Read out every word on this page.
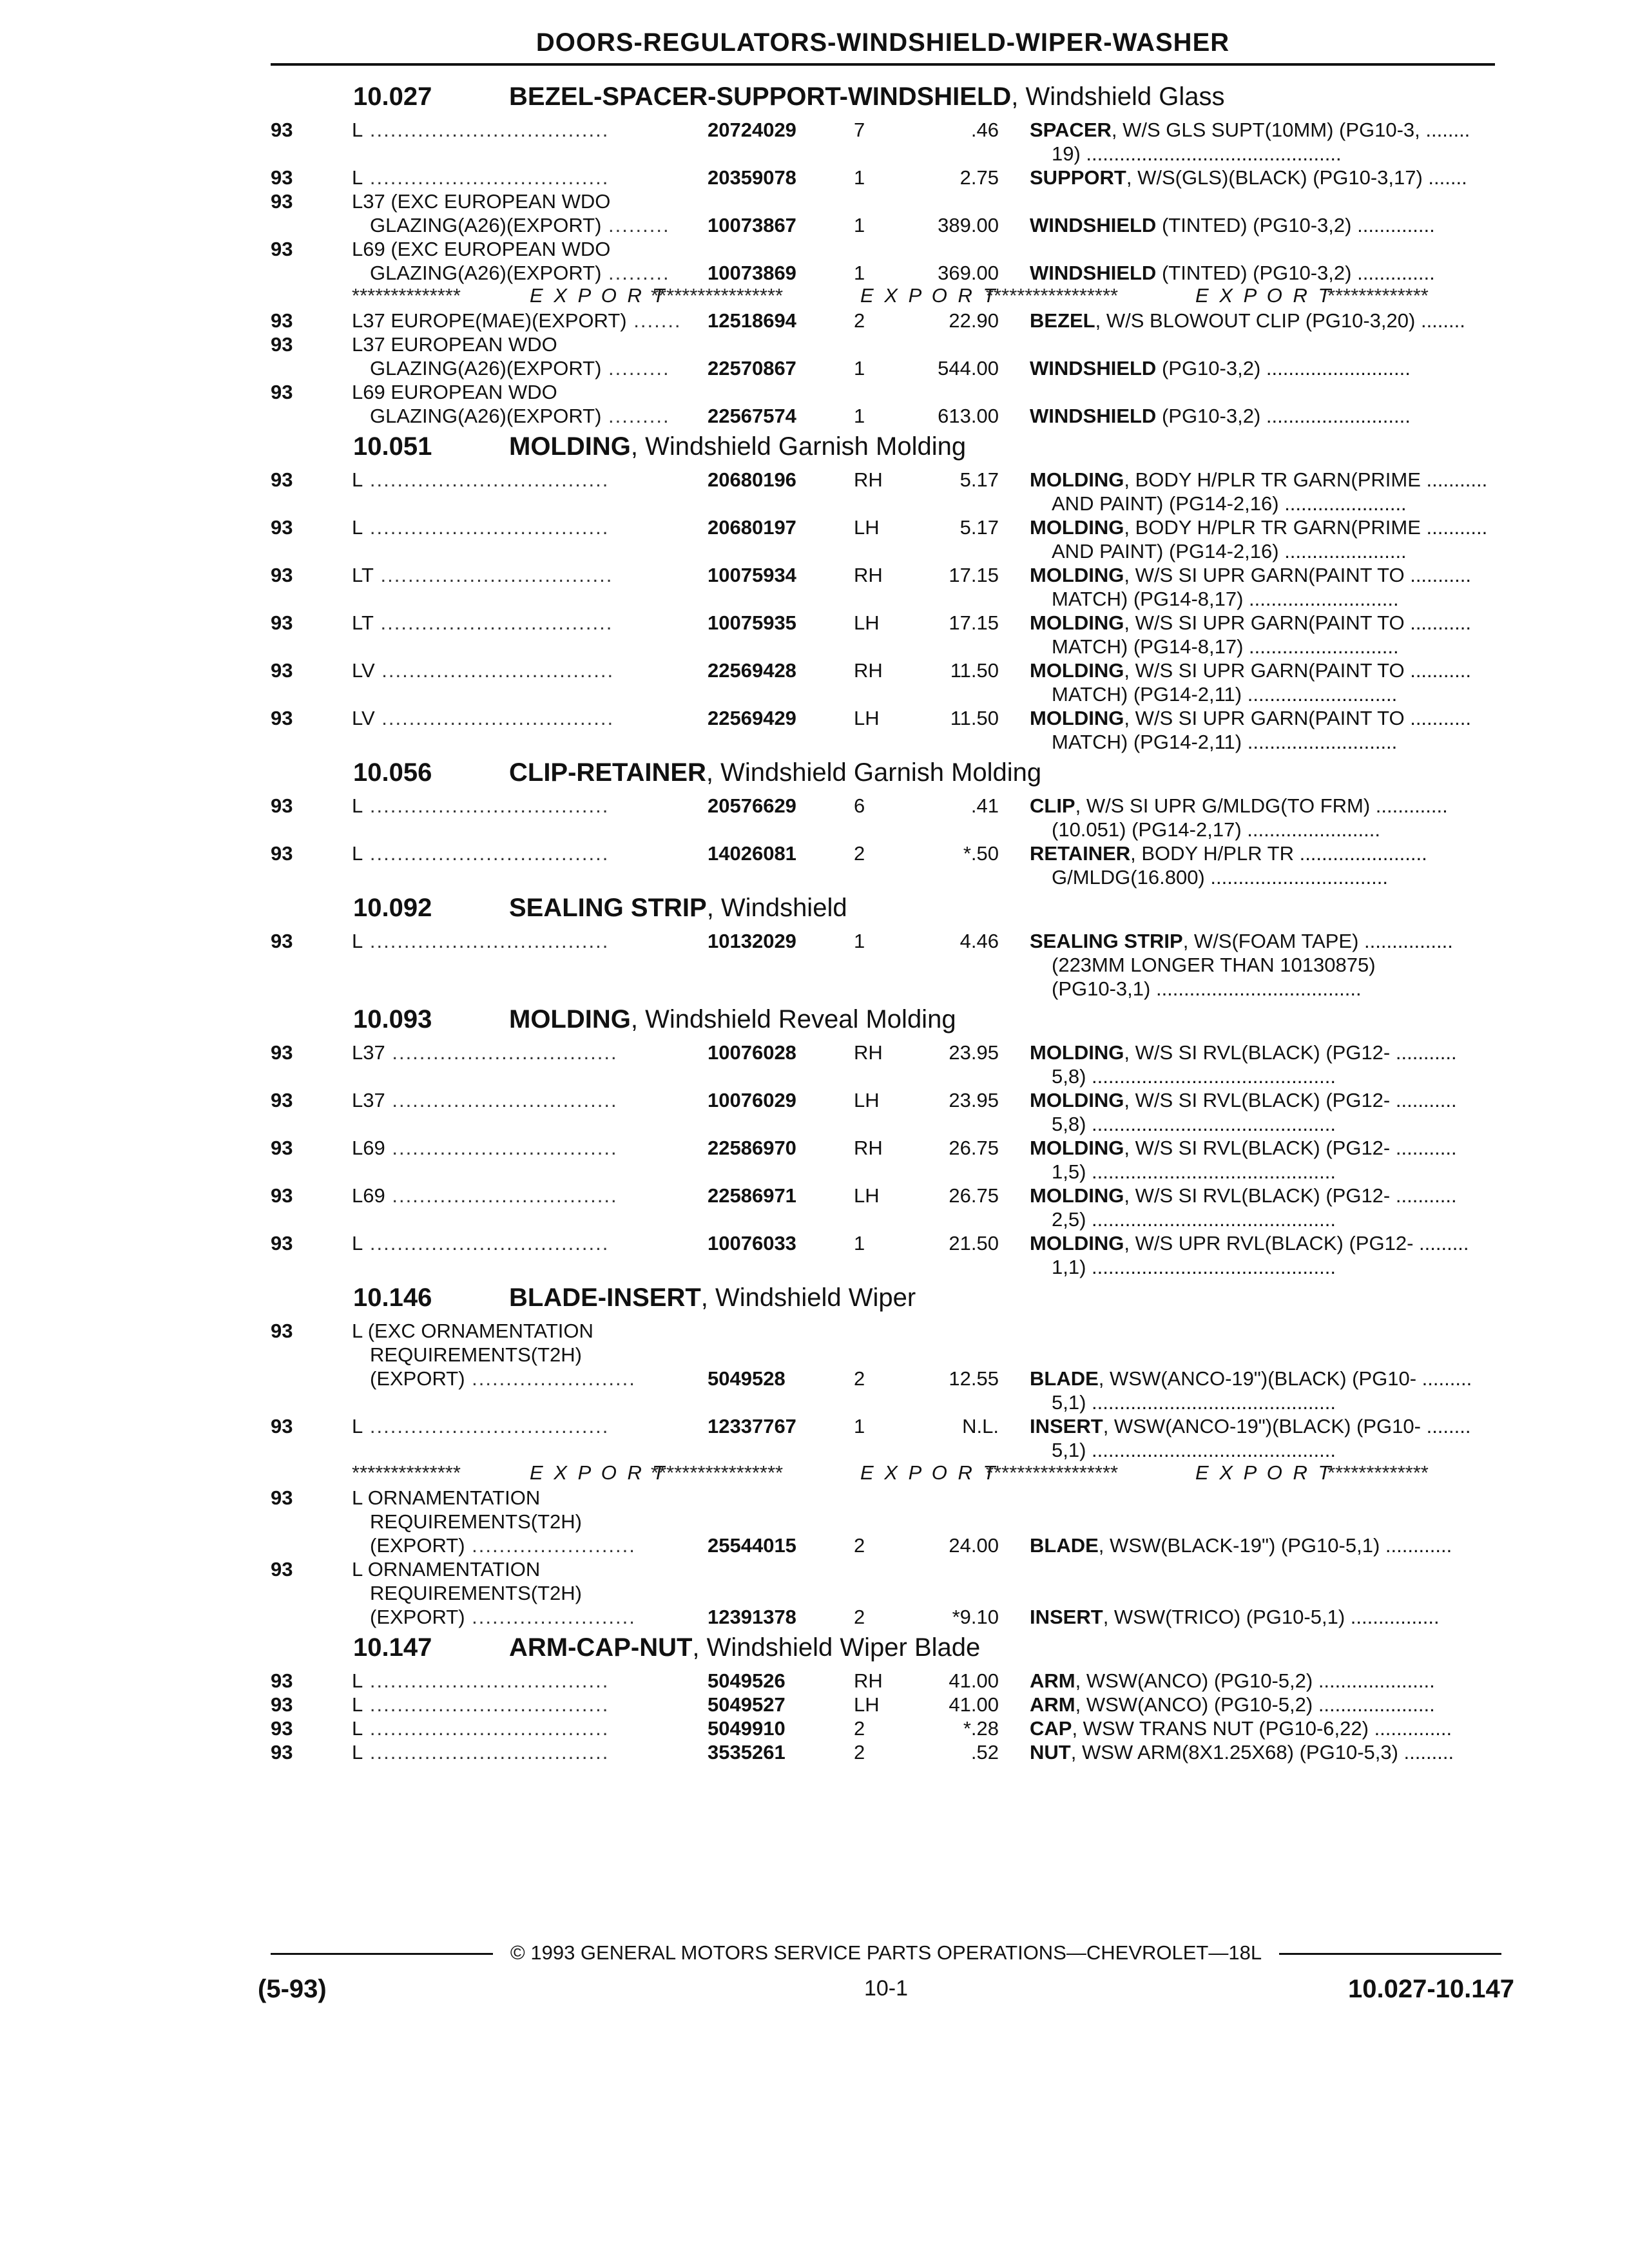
DOORS-REGULATORS-WINDSHIELD-WIPER-WASHER
10.027	BEZEL-SPACER-SUPPORT-WINDSHIELD, Windshield Glass
93	L ...................................	20724029	7	.46 SPACER, W/S GLS SUPT(10MM) (PG10-3, ........
19) ..............................................
93	L ...................................	20359078	1	2.75 SUPPORT, W/S(GLS)(BLACK) (PG10-3,17) .......
93	L37 (EXC EUROPEAN WDO
GLAZING(A26)(EXPORT) ......... 10073867	1	389.00 WINDSHIELD (TINTED) (PG10-3,2) ..............
93	L69 (EXC EUROPEAN WDO
GLAZING(A26)(EXPORT) ......... 10073869	1	369.00 WINDSHIELD (TINTED) (PG10-3,2) ..............
**************	E X P O R T
*****************	E X P O R T
*****************	E X P O R T
*************
93	L37 EUROPE(MAE)(EXPORT) ....... 12518694	2	22.90 BEZEL, W/S BLOWOUT CLIP (PG10-3,20) ........
93	L37 EUROPEAN WDO
GLAZING(A26)(EXPORT) ......... 22570867	1	544.00 WINDSHIELD (PG10-3,2) ..........................
93	L69 EUROPEAN WDO
GLAZING(A26)(EXPORT) ......... 22567574	1	613.00 WINDSHIELD (PG10-3,2) ..........................
10.051	MOLDING, Windshield Garnish Molding
93	L ...................................	20680196	RH	5.17 MOLDING, BODY H/PLR TR GARN(PRIME ...........
AND PAINT) (PG14-2,16) ......................
93	L ...................................	20680197	LH	5.17 MOLDING, BODY H/PLR TR GARN(PRIME ...........
AND PAINT) (PG14-2,16) ......................
93	LT ..................................	10075934	RH	17.15 MOLDING, W/S SI UPR GARN(PAINT TO ...........
MATCH) (PG14-8,17) ...........................
93	LT ..................................	10075935	LH	17.15 MOLDING, W/S SI UPR GARN(PAINT TO ...........
MATCH) (PG14-8,17) ...........................
93	LV ..................................	22569428	RH	11.50 MOLDING, W/S SI UPR GARN(PAINT TO ...........
MATCH) (PG14-2,11) ...........................
93	LV ..................................	22569429	LH	11.50 MOLDING, W/S SI UPR GARN(PAINT TO ...........
MATCH) (PG14-2,11) ...........................
10.056	CLIP-RETAINER, Windshield Garnish Molding
93	L ...................................	20576629	6	.41 CLIP, W/S SI UPR G/MLDG(TO FRM) .............
(10.051) (PG14-2,17) ........................
93	L ...................................	14026081	2	*.50 RETAINER, BODY H/PLR TR .......................
G/MLDG(16.800) ................................
10.092	SEALING STRIP, Windshield
93	L ...................................	10132029	1	4.46 SEALING STRIP, W/S(FOAM TAPE) ................
(223MM LONGER THAN 10130875)
(PG10-3,1) .....................................
10.093	MOLDING, Windshield Reveal Molding
93	L37 .................................	10076028	RH	23.95 MOLDING, W/S SI RVL(BLACK) (PG12- ...........
5,8) ............................................
93	L37 .................................	10076029	LH	23.95 MOLDING, W/S SI RVL(BLACK) (PG12- ...........
5,8) ............................................
93	L69 .................................	22586970	RH	26.75 MOLDING, W/S SI RVL(BLACK) (PG12- ...........
1,5) ............................................
93	L69 .................................	22586971	LH	26.75 MOLDING, W/S SI RVL(BLACK) (PG12- ...........
2,5) ............................................
93	L ...................................	10076033	1	21.50 MOLDING, W/S UPR RVL(BLACK) (PG12- .........
1,1) ............................................
10.146	BLADE-INSERT, Windshield Wiper
93	L (EXC ORNAMENTATION
REQUIREMENTS(T2H)
(EXPORT) ........................	5049528	2	12.55 BLADE, WSW(ANCO-19")(BLACK) (PG10- .........
5,1) ............................................
93	L ...................................	12337767	1	N.L. INSERT, WSW(ANCO-19")(BLACK) (PG10- ........
5,1) ............................................
**************	E X P O R T
*****************	E X P O R T
*****************	E X P O R T
*************
93	L ORNAMENTATION
REQUIREMENTS(T2H)
(EXPORT) ........................	25544015	2	24.00 BLADE, WSW(BLACK-19") (PG10-5,1) ............
93	L ORNAMENTATION
REQUIREMENTS(T2H)
(EXPORT) ........................	12391378	2	*9.10 INSERT, WSW(TRICO) (PG10-5,1) ................
10.147	ARM-CAP-NUT, Windshield Wiper Blade
93	L ...................................	5049526	RH	41.00 ARM, WSW(ANCO) (PG10-5,2) .....................
93	L ...................................	5049527	LH	41.00 ARM, WSW(ANCO) (PG10-5,2) .....................
93	L ...................................	5049910	2	*.28 CAP, WSW TRANS NUT (PG10-6,22) ..............
93	L ...................................	3535261	2	.52 NUT, WSW ARM(8X1.25X68) (PG10-5,3) .........
© 1993 GENERAL MOTORS SERVICE PARTS OPERATIONS—CHEVROLET—18L
(5-93)	10-1	10.027-10.147
